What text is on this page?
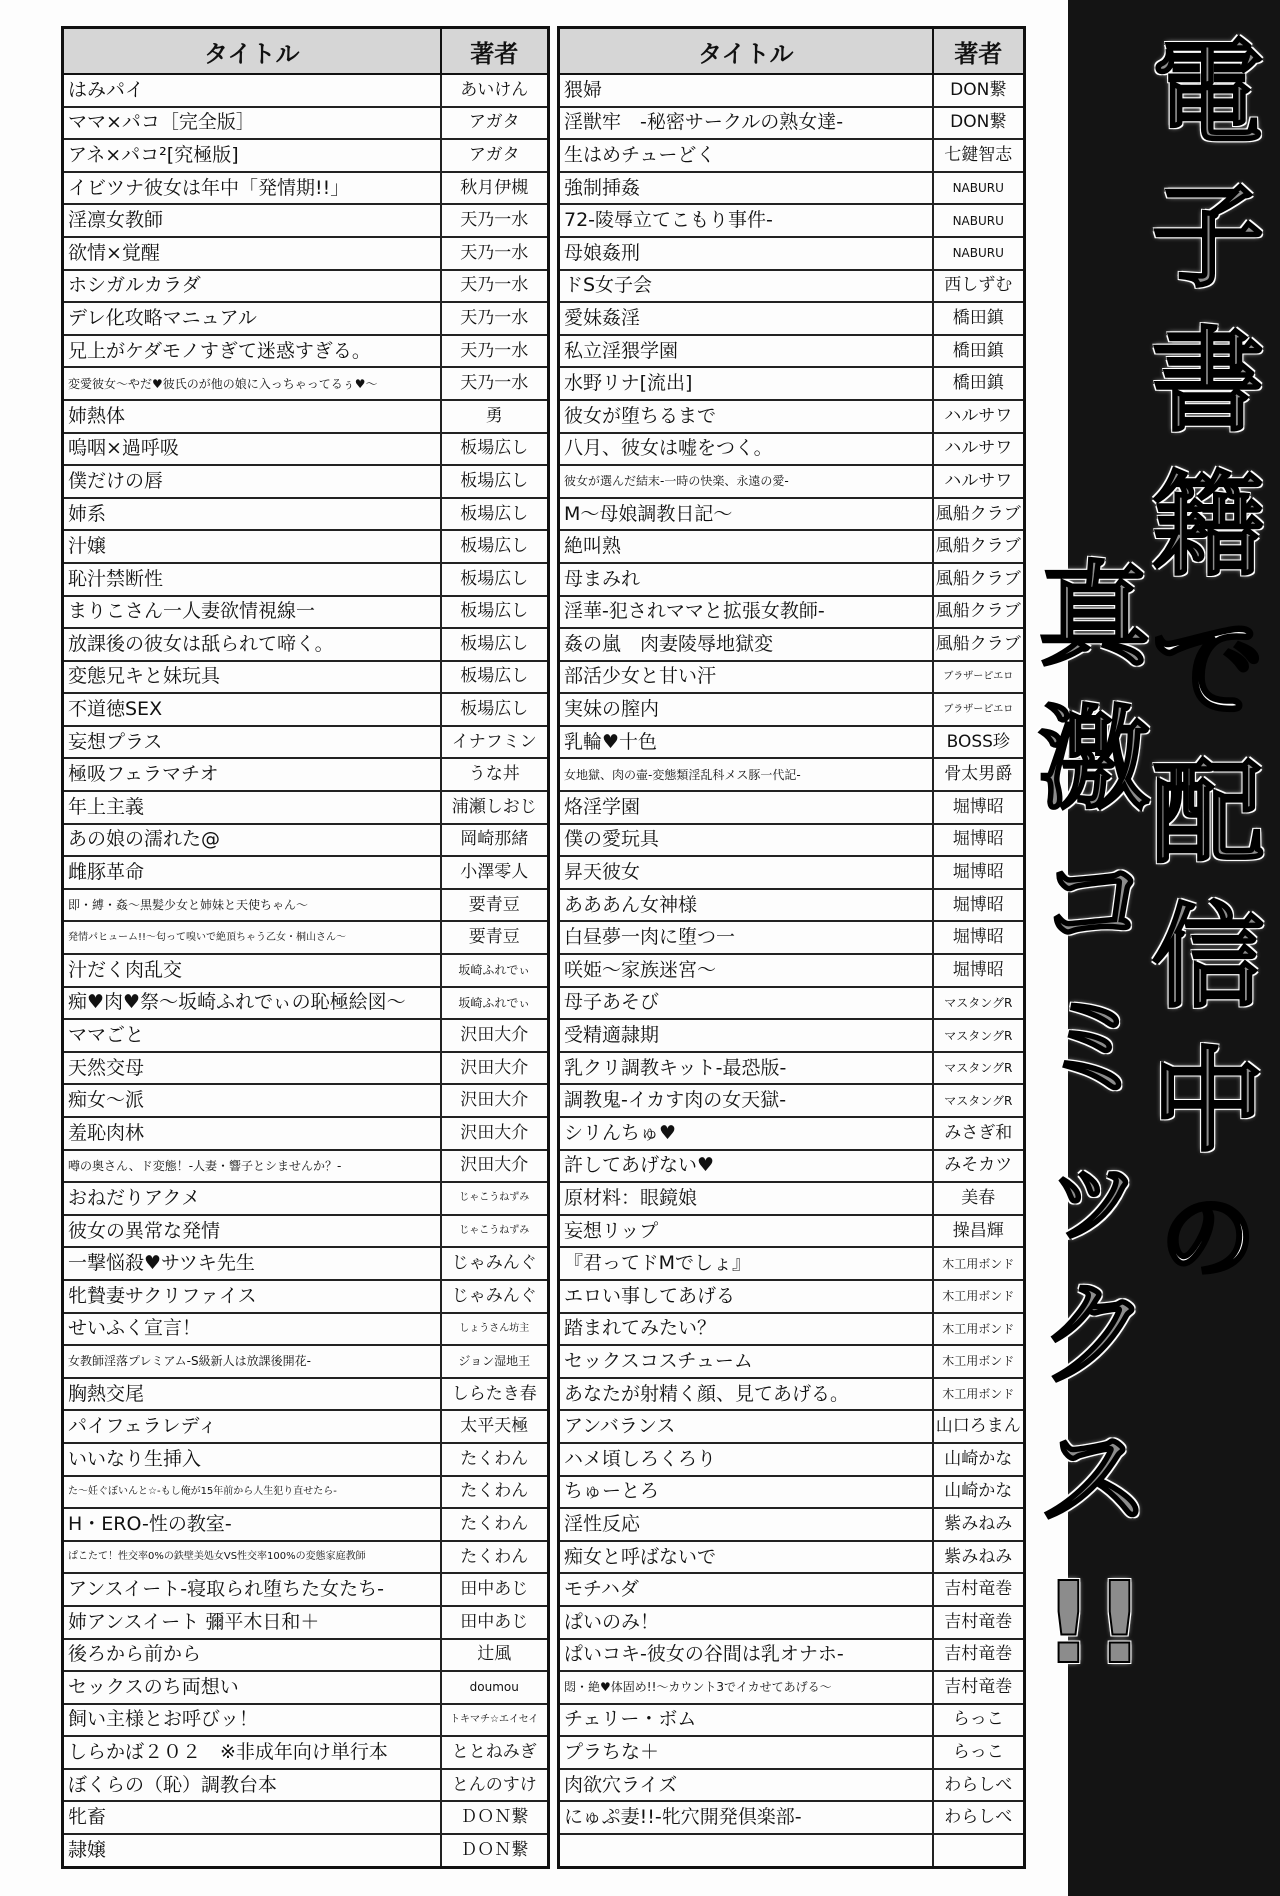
タイトル	著者
はみパイ	あいけん
ママ×パコ［完全版］	アガタ
アネ×パコ²[究極版]	アガタ
イビツナ彼女は年中「発情期!!」	秋月伊槻
淫凛女教師	天乃一水
欲情×覚醒	天乃一水
ホシガルカラダ	天乃一水
デレ化攻略マニュアル	天乃一水
兄上がケダモノすぎて迷惑すぎる。	天乃一水
変愛彼女～やだ♥彼氏のが他の娘に入っちゃってるぅ♥～	天乃一水
姉熱体	勇
嗚咽×過呼吸	板場広し
僕だけの唇	板場広し
姉系	板場広し
汁嬢	板場広し
恥汁禁断性	板場広し
まりこさん一人妻欲情視線一	板場広し
放課後の彼女は舐られて啼く。	板場広し
変態兄キと妹玩具	板場広し
不道徳SEX	板場広し
妄想プラス	イナフミン
極吸フェラマチオ	うな丼
年上主義	浦瀬しおじ
あの娘の濡れた@	岡崎那緒
雌豚革命	小澤零人
即・縛・姦～黒髪少女と姉妹と天使ちゃん～	要青豆
発情パヒューム!!～匂って嗅いで絶頂ちゃう乙女・桐山さん～	要青豆
汁だく肉乱交	坂崎ふれでぃ
痴♥肉♥祭～坂崎ふれでぃの恥極絵図～	坂崎ふれでぃ
ママごと	沢田大介
天然交母	沢田大介
痴女～派	沢田大介
羞恥肉林	沢田大介
噂の奥さん、ド変態！-人妻・響子とシませんか？-	沢田大介
おねだりアクメ	じゃこうねずみ
彼女の異常な発情	じゃこうねずみ
一撃悩殺♥サツキ先生	じゃみんぐ
牝贄妻サクリファイス	じゃみんぐ
せいふく宣言！	しょうさん坊主
女教師淫落プレミアム-S級新人は放課後開花-	ジョン湿地王
胸熱交尾	しらたき春
パイフェラレディ	太平天極
いいなり生挿入	たくわん
た～妊ぐぼいんと☆-もし俺が15年前から人生犯り直せたら-	たくわん
H・ERO-性の教室-	たくわん
ぱこたて！性交率0%の鉄壁美処女VS性交率100%の変態家庭教師	たくわん
アンスイート-寝取られ堕ちた女たち-	田中あじ
姉アンスイート 彌平木日和＋	田中あじ
後ろから前から	辻風
セックスのち両想い	doumou
飼い主様とお呼びッ！	トキマチ☆エイセイ
しらかば２０２　※非成年向け単行本	ととねみぎ
ぼくらの（恥）調教台本	とんのすけ
牝畜	ＤＯＮ繋
隷嬢	ＤＯＮ繋
タイトル	著者
猥婦	DON繋
淫獣牢　-秘密サークルの熟女達-	DON繋
生はめチューどく	七鍵智志
強制挿姦	NABURU
72-陵辱立てこもり事件-	NABURU
母娘姦刑	NABURU
ドS女子会	西しずむ
愛妹姦淫	橋田鎮
私立淫猥学園	橋田鎮
水野リナ[流出]	橋田鎮
彼女が堕ちるまで	ハルサワ
八月、彼女は嘘をつく。	ハルサワ
彼女が選んだ結末-一時の快楽、永遠の愛-	ハルサワ
M～母娘調教日記～	風船クラブ
絶叫熟	風船クラブ
母まみれ	風船クラブ
淫華-犯されママと拡張女教師-	風船クラブ
姦の嵐　肉妻陵辱地獄変	風船クラブ
部活少女と甘い汗	ブラザーピエロ
実妹の膣内	ブラザーピエロ
乳輪♥十色	BOSS珍
女地獄、肉の壷-変態類淫乱科メス豚一代記-	骨太男爵
烙淫学園	堀博昭
僕の愛玩具	堀博昭
昇天彼女	堀博昭
あああん女神様	堀博昭
白昼夢一肉に堕つ一	堀博昭
咲姫～家族迷宮～	堀博昭
母子あそび	マスタングR
受精適隷期	マスタングR
乳クリ調教キット-最恐版-	マスタングR
調教鬼-イカす肉の女天獄-	マスタングR
シリんちゅ♥	みさぎ和
許してあげない♥	みそカツ
原材料：眼鏡娘	美春
妄想リップ	操昌輝
『君ってドMでしょ』	木工用ボンド
エロい事してあげる	木工用ボンド
踏まれてみたい？	木工用ボンド
セックスコスチューム	木工用ボンド
あなたが射精く顔、見てあげる。	木工用ボンド
アンバランス	山口ろまん
ハメ頃しろくろり	山崎かな
ちゅーとろ	山崎かな
淫性反応	紫みねみ
痴女と呼ばないで	紫みねみ
モチハダ	吉村竜巻
ぱいのみ！	吉村竜巻
ぱいコキ-彼女の谷間は乳オナホ-	吉村竜巻
悶・絶♥体固め!!～カウント3でイカせてあげる～	吉村竜巻
チェリー・ボム	らっこ
プラちな＋	らっこ
肉欲穴ライズ	わらしべ
にゅぷ妻!!-牝穴開発倶楽部-	わらしべ

電
子
書
籍
で
配
信
中
の
真
激
コ
ミ
ッ
ク
ス
!!
